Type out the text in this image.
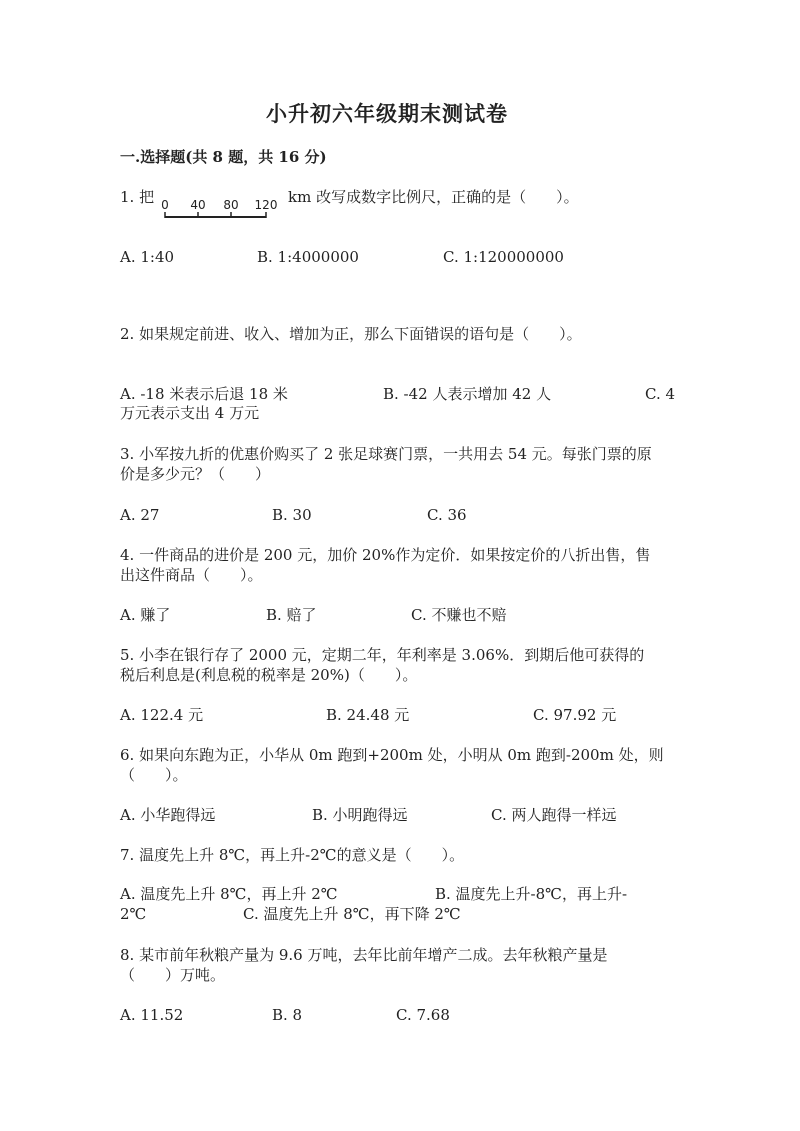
小升初六年级期末测试卷
一.选择题(共 8 题，共 16 分)
1. 把 0 40 80 120 km 改写成数字比例尺，正确的是（　　）。
A. 1:40	B. 1:4000000	C. 1:120000000
2. 如果规定前进、收入、增加为正，那么下面错误的语句是（　　）。
A. -18 米表示后退 18 米	B. -42 人表示增加 42 人	C. 4
万元表示支出 4 万元
3. 小军按九折的优惠价购买了 2 张足球赛门票，一共用去 54 元。每张门票的原
价是多少元？（　　）
A. 27	B. 30	C. 36
4. 一件商品的进价是 200 元，加价 20%作为定价．如果按定价的八折出售，售
出这件商品（　　）。
A. 赚了	B. 赔了	C. 不赚也不赔
5. 小李在银行存了 2000 元，定期二年，年利率是 3.06%．到期后他可获得的
税后利息是(利息税的税率是 20%)（　　）。
A. 122.4 元	B. 24.48 元	C. 97.92 元
6. 如果向东跑为正，小华从 0m 跑到+200m 处，小明从 0m 跑到-200m 处，则
（　　）。
A. 小华跑得远	B. 小明跑得远	C. 两人跑得一样远
7. 温度先上升 8℃，再上升-2℃的意义是（　　）。
A. 温度先上升 8℃，再上升 2℃	B. 温度先上升-8℃，再上升-
2℃	C. 温度先上升 8℃，再下降 2℃
8. 某市前年秋粮产量为 9.6 万吨，去年比前年增产二成。去年秋粮产量是
（　　）万吨。
A. 11.52	B. 8	C. 7.68
